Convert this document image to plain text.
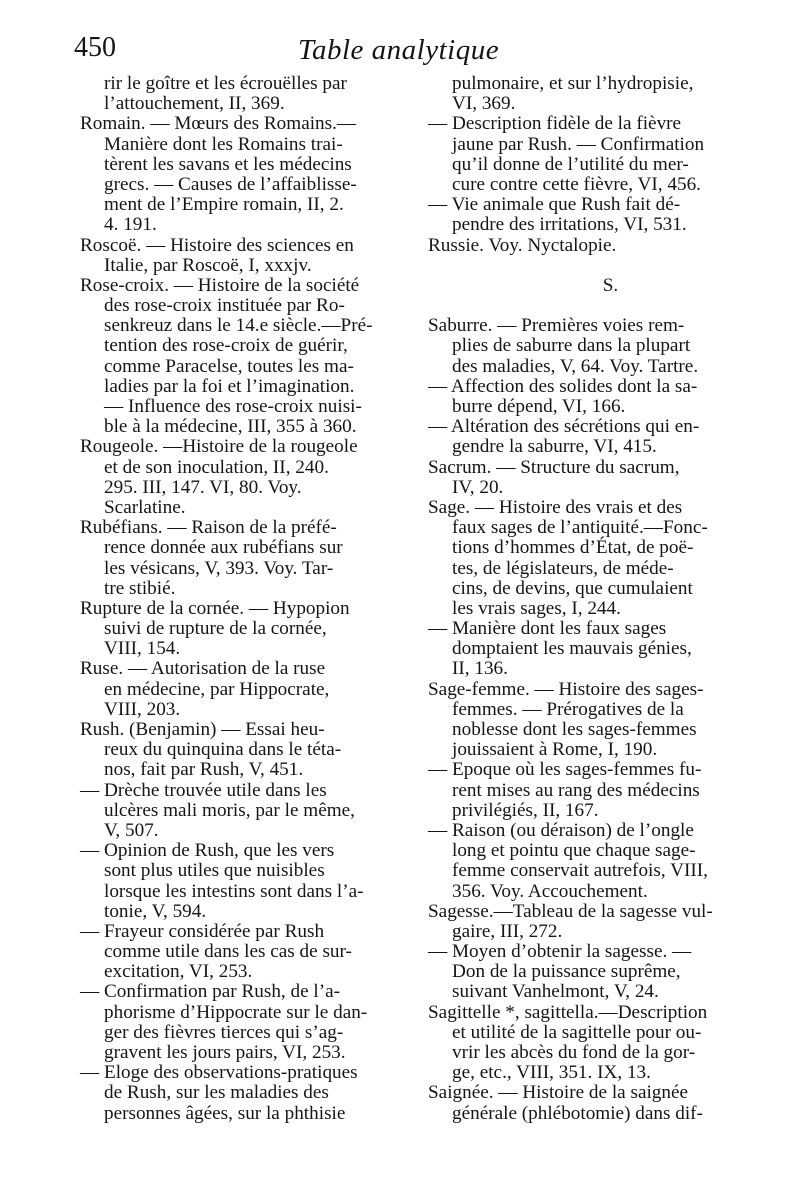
450	Table analytique
rir le goître et les écrouëlles par
l’attouchement, II, 369.
Romain. — Mœurs des Romains.—
Manière dont les Romains trai-
tèrent les savans et les médecins
grecs. — Causes de l’affaiblisse-
ment de l’Empire romain, II, 2.
4. 191.
Roscoë. — Histoire des sciences en
Italie, par Roscoë, I, xxxjv.
Rose-croix. — Histoire de la société
des rose-croix instituée par Ro-
senkreuz dans le 14.e siècle.—Pré-
tention des rose-croix de guérir,
comme Paracelse, toutes les ma-
ladies par la foi et l’imagination.
— Influence des rose-croix nuisi-
ble à la médecine, III, 355 à 360.
Rougeole. —Histoire de la rougeole
et de son inoculation, II, 240.
295. III, 147. VI, 80. Voy.
Scarlatine.
Rubéfians. — Raison de la préfé-
rence donnée aux rubéfians sur
les vésicans, V, 393. Voy. Tar-
tre stibié.
Rupture de la cornée. — Hypopion
suivi de rupture de la cornée,
VIII, 154.
Ruse. — Autorisation de la ruse
en médecine, par Hippocrate,
VIII, 203.
Rush. (Benjamin) — Essai heu-
reux du quinquina dans le téta-
nos, fait par Rush, V, 451.
— Drèche trouvée utile dans les
ulcères mali moris, par le même,
V, 507.
— Opinion de Rush, que les vers
sont plus utiles que nuisibles
lorsque les intestins sont dans l’a-
tonie, V, 594.
— Frayeur considérée par Rush
comme utile dans les cas de sur-
excitation, VI, 253.
— Confirmation par Rush, de l’a-
phorisme d’Hippocrate sur le dan-
ger des fièvres tierces qui s’ag-
gravent les jours pairs, VI, 253.
— Eloge des observations-pratiques
de Rush, sur les maladies des
personnes âgées, sur la phthisie
pulmonaire, et sur l’hydropisie,
VI, 369.
— Description fidèle de la fièvre
jaune par Rush. — Confirmation
qu’il donne de l’utilité du mer-
cure contre cette fièvre, VI, 456.
— Vie animale que Rush fait dé-
pendre des irritations, VI, 531.
Russie. Voy. Nyctalopie.
S.
Saburre. — Premières voies rem-
plies de saburre dans la plupart
des maladies, V, 64. Voy. Tartre.
— Affection des solides dont la sa-
burre dépend, VI, 166.
— Altération des sécrétions qui en-
gendre la saburre, VI, 415.
Sacrum. — Structure du sacrum,
IV, 20.
Sage. — Histoire des vrais et des
faux sages de l’antiquité.—Fonc-
tions d’hommes d’État, de poë-
tes, de législateurs, de méde-
cins, de devins, que cumulaient
les vrais sages, I, 244.
— Manière dont les faux sages
domptaient les mauvais génies,
II, 136.
Sage-femme. — Histoire des sages-
femmes. — Prérogatives de la
noblesse dont les sages-femmes
jouissaient à Rome, I, 190.
— Epoque où les sages-femmes fu-
rent mises au rang des médecins
privilégiés, II, 167.
— Raison (ou déraison) de l’ongle
long et pointu que chaque sage-
femme conservait autrefois, VIII,
356. Voy. Accouchement.
Sagesse.—Tableau de la sagesse vul-
gaire, III, 272.
— Moyen d’obtenir la sagesse. —
Don de la puissance suprême,
suivant Vanhelmont, V, 24.
Sagittelle *, sagittella.—Description
et utilité de la sagittelle pour ou-
vrir les abcès du fond de la gor-
ge, etc., VIII, 351. IX, 13.
Saignée. — Histoire de la saignée
générale (phlébotomie) dans dif-
